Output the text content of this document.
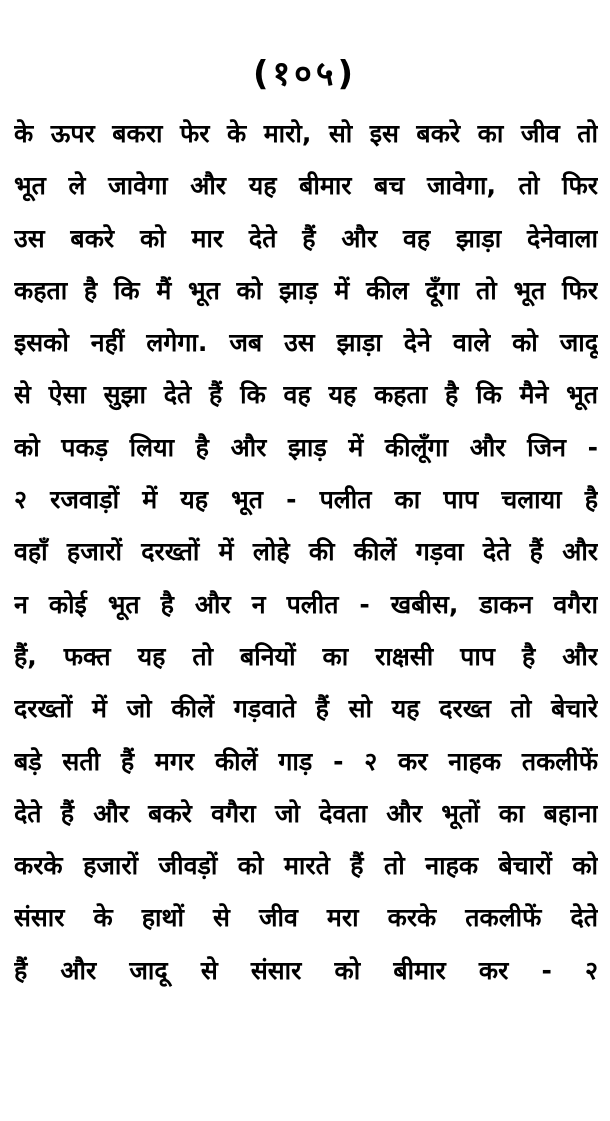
(१०५)
के ऊपर बकरा फेर के मारो, सो इस बकरे का जीव तो
भूत ले जावेगा और यह बीमार बच जावेगा, तो फिर
उस बकरे को मार देते हैं और वह झाड़ा देनेवाला
कहता है कि मैं भूत को झाड़ में कील दूँगा तो भूत फिर
इसको नहीं लगेगा. जब उस झाड़ा देने वाले को जादू
से ऐसा सुझा देते हैं कि वह यह कहता है कि मैने भूत
को पकड़ लिया है और झाड़ में कीलूँगा और जिन -
२ रजवाड़ों में यह भूत - पलीत का पाप चलाया है
वहाँ हजारों दरख्तों में लोहे की कीलें गड़वा देते हैं और
न कोई भूत है और न पलीत - खबीस, डाकन वगैरा
हैं, फक्त यह तो बनियों का राक्षसी पाप है और
दरख्तों में जो कीलें गड़वाते हैं सो यह दरख्त तो बेचारे
बड़े सती हैं मगर कीलें गाड़ - २ कर नाहक तकलीफें
देते हैं और बकरे वगैरा जो देवता और भूतों का बहाना
करके हजारों जीवड़ों को मारते हैं तो नाहक बेचारों को
संसार के हाथों से जीव मरा करके तकलीफें देते
हैं और जादू से संसार को बीमार कर - २
